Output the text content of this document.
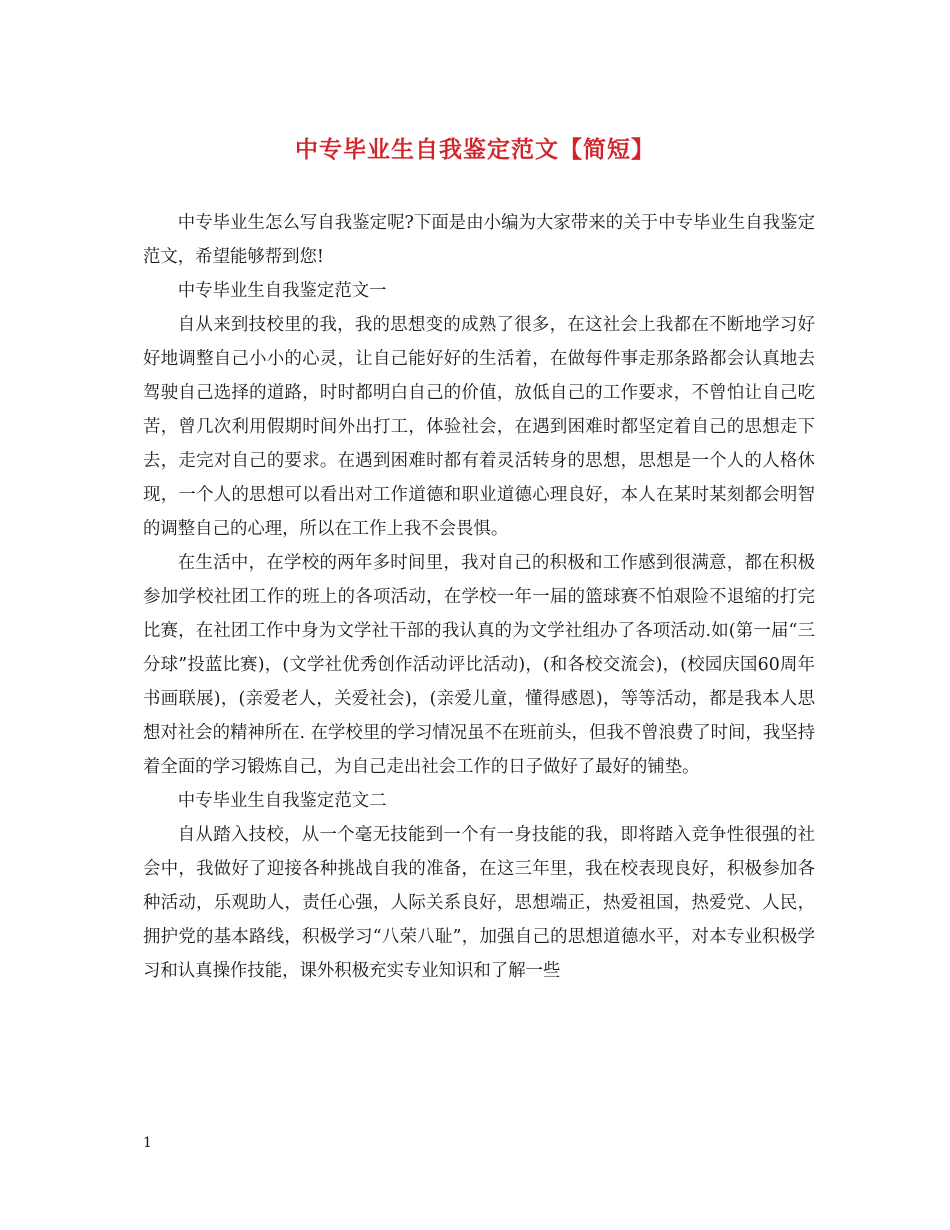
中专毕业生自我鉴定范文【简短】

中专毕业生怎么写自我鉴定呢?下面是由小编为大家带来的关于中专毕业生自我鉴定范文，希望能够帮到您!

中专毕业生自我鉴定范文一

自从来到技校里的我，我的思想变的成熟了很多，在这社会上我都在不断地学习好好地调整自己小小的心灵，让自己能好好的生活着，在做每件事走那条路都会认真地去驾驶自己选择的道路，时时都明白自己的价值，放低自己的工作要求，不曾怕让自己吃苦，曾几次利用假期时间外出打工，体验社会，在遇到困难时都坚定着自己的思想走下去，走完对自己的要求。在遇到困难时都有着灵活转身的思想，思想是一个人的人格休现，一个人的思想可以看出对工作道德和职业道德心理良好，本人在某时某刻都会明智的调整自己的心理，所以在工作上我不会畏惧。

在生活中，在学校的两年多时间里，我对自己的积极和工作感到很满意，都在积极参加学校社团工作的班上的各项活动，在学校一年一届的篮球赛不怕艰险不退缩的打完比赛，在社团工作中身为文学社干部的我认真的为文学社组办了各项活动.如(第一届“三分球”投蓝比赛)，(文学社优秀创作活动评比活动)，(和各校交流会)，(校园庆国60周年书画联展)，(亲爱老人，关爱社会)，(亲爱儿童，懂得感恩)，等等活动，都是我本人思想对社会的精神所在. 在学校里的学习情况虽不在班前头，但我不曾浪费了时间，我坚持着全面的学习锻炼自己，为自己走出社会工作的日子做好了最好的铺垫。

中专毕业生自我鉴定范文二

自从踏入技校，从一个毫无技能到一个有一身技能的我，即将踏入竞争性很强的社会中，我做好了迎接各种挑战自我的准备，在这三年里，我在校表现良好，积极参加各种活动，乐观助人，责任心强，人际关系良好，思想端正，热爱祖国，热爱党、人民，拥护党的基本路线，积极学习“八荣八耻”，加强自己的思想道德水平，对本专业积极学习和认真操作技能，课外积极充实专业知识和了解一些

1
